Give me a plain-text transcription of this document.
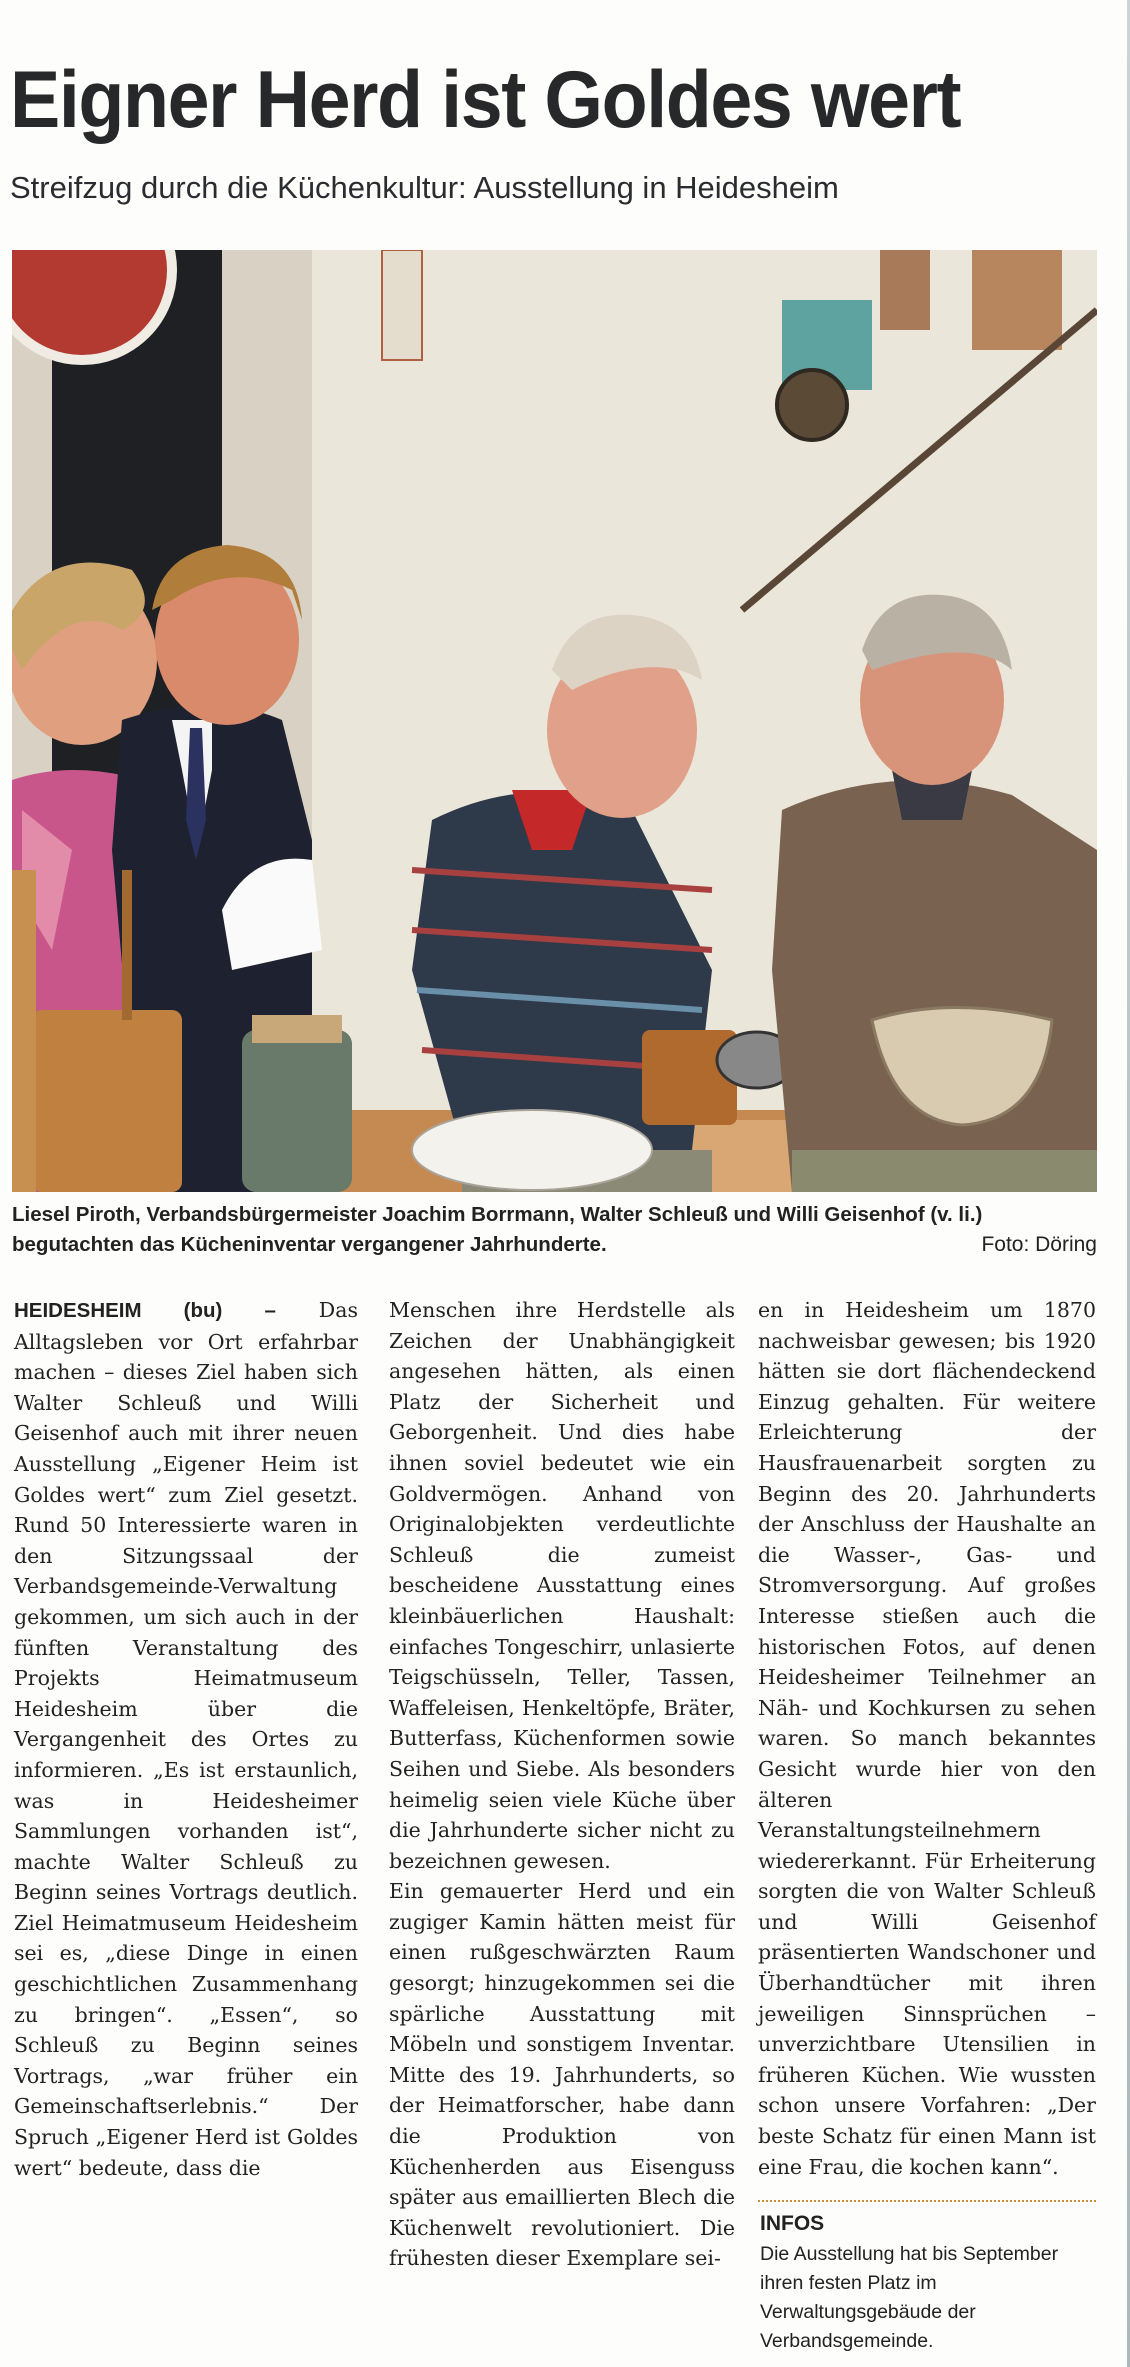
Eigner Herd ist Goldes wert
Streifzug durch die Küchenkultur: Ausstellung in Heidesheim
Liesel Piroth, Verbandsbürgermeister Joachim Borrmann, Walter Schleuß und Willi Geisenhof (v. li.) begutachten das Kücheninventar vergangener Jahrhunderte.	Foto: Döring

HEIDESHEIM (bu) – Das Alltagsleben vor Ort erfahrbar machen – dieses Ziel haben sich Walter Schleuß und Willi Geisenhof auch mit ihrer neuen Ausstellung „Eigener Heim ist Goldes wert“ zum Ziel gesetzt. Rund 50 Interessierte waren in den Sitzungssaal der Verbandsgemeinde-Verwaltung gekommen, um sich auch in der fünften Veranstaltung des Projekts Heimatmuseum Heidesheim über die Vergangenheit des Ortes zu informieren. „Es ist erstaunlich, was in Heidesheimer Sammlungen vorhanden ist“, machte Walter Schleuß zu Beginn seines Vortrags deutlich. Ziel Heimatmuseum Heidesheim sei es, „diese Dinge in einen geschichtlichen Zusammenhang zu bringen“. „Essen“, so Schleuß zu Beginn seines Vortrags, „war früher ein Gemeinschaftserlebnis.“ Der Spruch „Eigener Herd ist Goldes wert“ bedeute, dass die

Menschen ihre Herdstelle als Zeichen der Unabhängigkeit angesehen hätten, als einen Platz der Sicherheit und Geborgenheit. Und dies habe ihnen soviel bedeutet wie ein Goldvermögen. Anhand von Originalobjekten verdeutlichte Schleuß die zumeist bescheidene Ausstattung eines kleinbäuerlichen Haushalt: einfaches Tongeschirr, unlasierte Teigschüsseln, Teller, Tassen, Waffeleisen, Henkeltöpfe, Bräter, Butterfass, Küchenformen sowie Seihen und Siebe. Als besonders heimelig seien viele Küche über die Jahrhunderte sicher nicht zu bezeichnen gewesen.

Ein gemauerter Herd und ein zugiger Kamin hätten meist für einen rußgeschwärzten Raum gesorgt; hinzugekommen sei die spärliche Ausstattung mit Möbeln und sonstigem Inventar. Mitte des 19. Jahrhunderts, so der Heimatforscher, habe dann die Produktion von Küchenherden aus Eisenguss später aus emaillierten Blech die Küchenwelt revolutioniert. Die frühesten dieser Exemplare sei-

en in Heidesheim um 1870 nachweisbar gewesen; bis 1920 hätten sie dort flächendeckend Einzug gehalten. Für weitere Erleichterung der Hausfrauenarbeit sorgten zu Beginn des 20. Jahrhunderts der Anschluss der Haushalte an die Wasser-, Gas- und Stromversorgung. Auf großes Interesse stießen auch die historischen Fotos, auf denen Heidesheimer Teilnehmer an Näh- und Kochkursen zu sehen waren. So manch bekanntes Gesicht wurde hier von den älteren Veranstaltungsteilnehmern wiedererkannt. Für Erheiterung sorgten die von Walter Schleuß und Willi Geisenhof präsentierten Wandschoner und Überhandtücher mit ihren jeweiligen Sinnsprüchen – unverzichtbare Utensilien in früheren Küchen. Wie wussten schon unsere Vorfahren: „Der beste Schatz für einen Mann ist eine Frau, die kochen kann“.

INFOS
Die Ausstellung hat bis September ihren festen Platz im Verwaltungsgebäude der Verbandsgemeinde.
